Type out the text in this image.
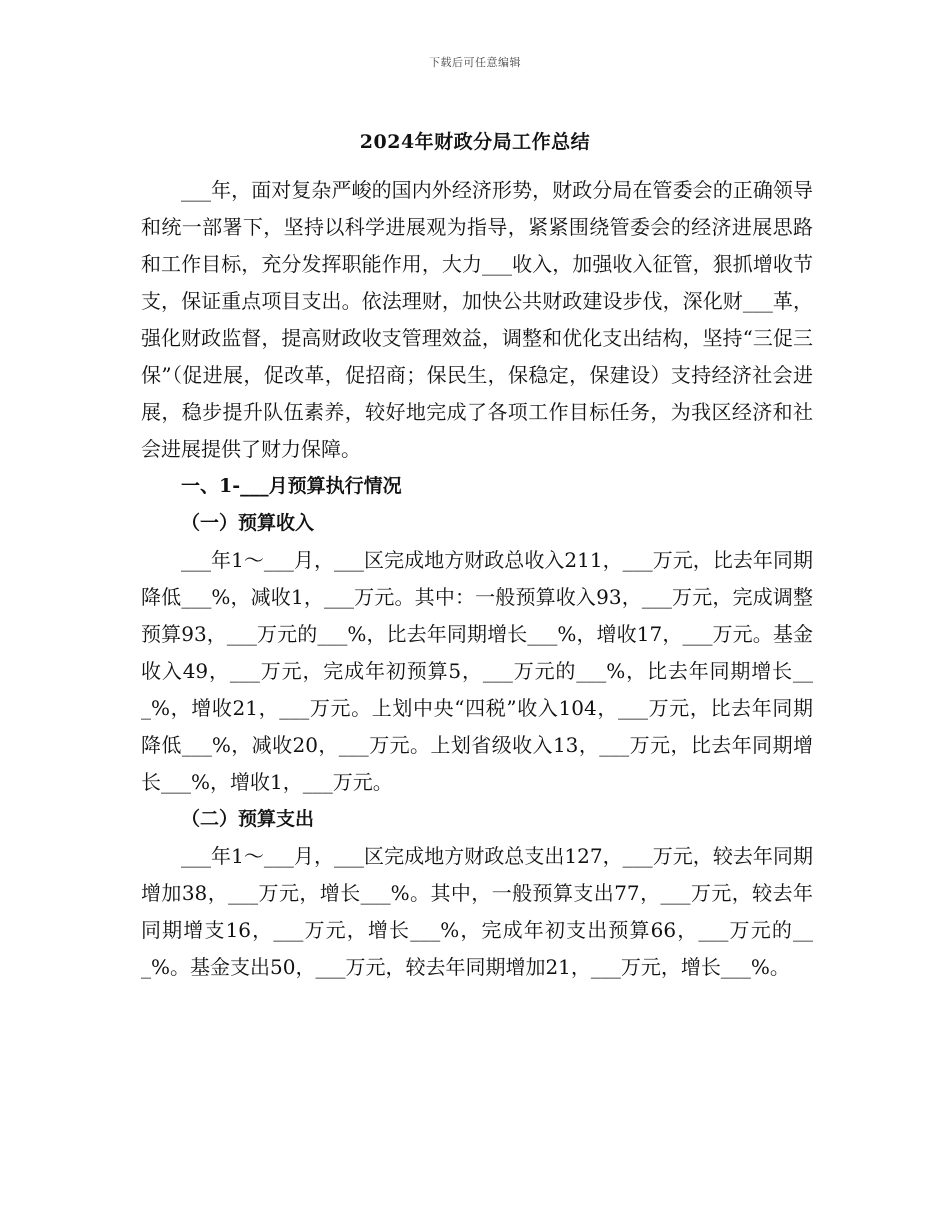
下载后可任意编辑
2024年财政分局工作总结

___年，面对复杂严峻的国内外经济形势，财政分局在管委会的正确领导和统一部署下，坚持以科学进展观为指导，紧紧围绕管委会的经济进展思路和工作目标，充分发挥职能作用，大力___收入，加强收入征管，狠抓增收节支，保证重点项目支出。依法理财，加快公共财政建设步伐，深化财___革，强化财政监督，提高财政收支管理效益，调整和优化支出结构，坚持“三促三保”（促进展，促改革，促招商；保民生，保稳定，保建设）支持经济社会进展，稳步提升队伍素养，较好地完成了各项工作目标任务，为我区经济和社会进展提供了财力保障。

一、1-___月预算执行情况
（一）预算收入

___年1～___月，___区完成地方财政总收入211，___万元，比去年同期降低___%，减收1，___万元。其中：一般预算收入93，___万元，完成调整预算93，___万元的___%，比去年同期增长___%，增收17，___万元。基金收入49，___万元，完成年初预算5，___万元的___%，比去年同期增长___%，增收21，___万元。上划中央“四税”收入104，___万元，比去年同期降低___%，减收20，___万元。上划省级收入13，___万元，比去年同期增长___%，增收1，___万元。

（二）预算支出

___年1～___月，___区完成地方财政总支出127，___万元，较去年同期增加38，___万元，增长___%。其中，一般预算支出77，___万元，较去年同期增支16，___万元，增长___%，完成年初支出预算66，___万元的___%。基金支出50，___万元，较去年同期增加21，___万元，增长___%。
